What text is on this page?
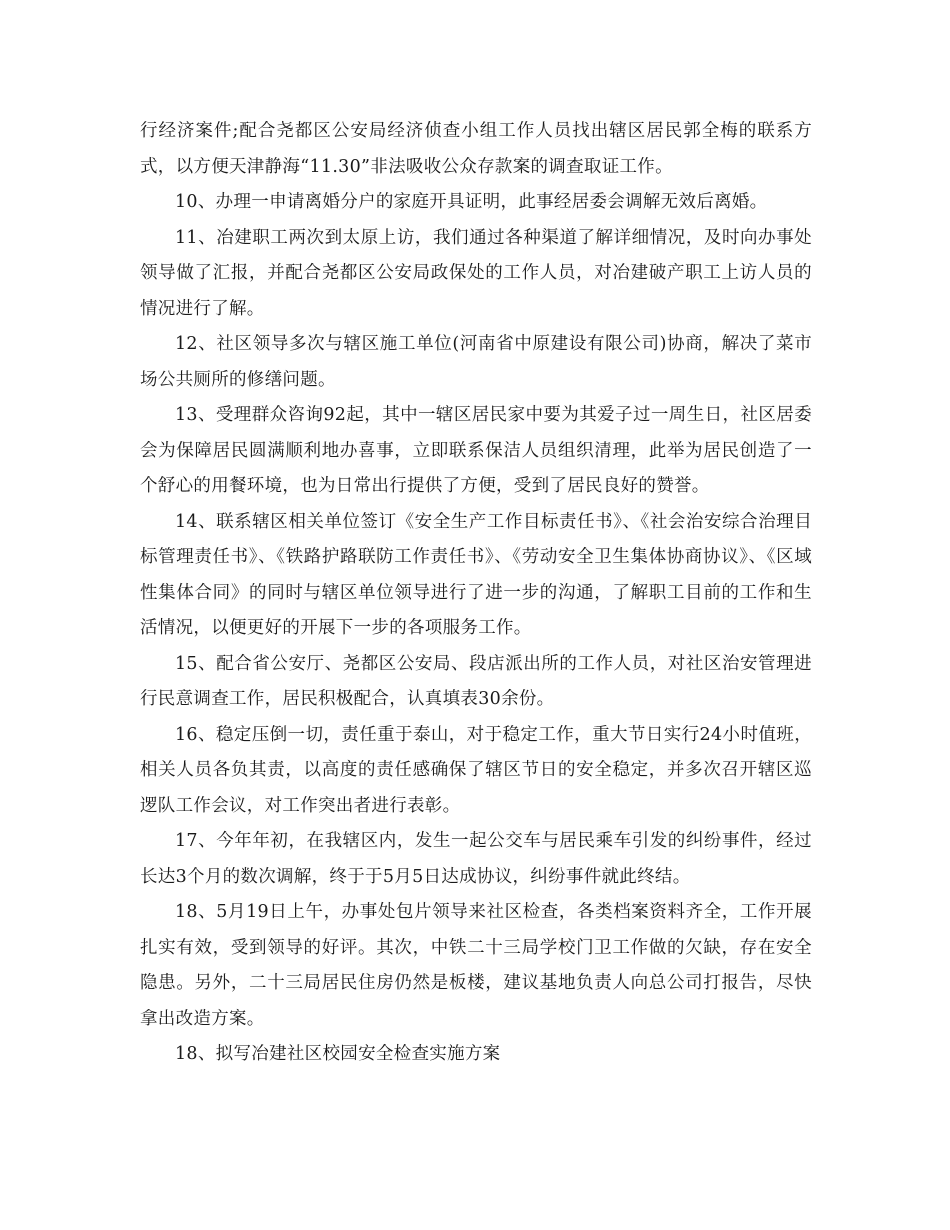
行经济案件;配合尧都区公安局经济侦查小组工作人员找出辖区居民郭全梅的联系方式，以方便天津静海“11.30”非法吸收公众存款案的调查取证工作。

10、办理一申请离婚分户的家庭开具证明，此事经居委会调解无效后离婚。

11、冶建职工两次到太原上访，我们通过各种渠道了解详细情况，及时向办事处领导做了汇报，并配合尧都区公安局政保处的工作人员，对冶建破产职工上访人员的情况进行了解。

12、社区领导多次与辖区施工单位(河南省中原建设有限公司)协商，解决了菜市场公共厕所的修缮问题。

13、受理群众咨询92起，其中一辖区居民家中要为其爱子过一周生日，社区居委会为保障居民圆满顺利地办喜事，立即联系保洁人员组织清理，此举为居民创造了一个舒心的用餐环境，也为日常出行提供了方便，受到了居民良好的赞誉。

14、联系辖区相关单位签订《安全生产工作目标责任书》、《社会治安综合治理目标管理责任书》、《铁路护路联防工作责任书》、《劳动安全卫生集体协商协议》、《区域性集体合同》的同时与辖区单位领导进行了进一步的沟通，了解职工目前的工作和生活情况，以便更好的开展下一步的各项服务工作。

15、配合省公安厅、尧都区公安局、段店派出所的工作人员，对社区治安管理进行民意调查工作，居民积极配合，认真填表30余份。

16、稳定压倒一切，责任重于泰山，对于稳定工作，重大节日实行24小时值班，相关人员各负其责，以高度的责任感确保了辖区节日的安全稳定，并多次召开辖区巡逻队工作会议，对工作突出者进行表彰。

17、今年年初，在我辖区内，发生一起公交车与居民乘车引发的纠纷事件，经过长达3个月的数次调解，终于于5月5日达成协议，纠纷事件就此终结。

18、5月19日上午，办事处包片领导来社区检查，各类档案资料齐全，工作开展扎实有效，受到领导的好评。其次，中铁二十三局学校门卫工作做的欠缺，存在安全隐患。另外，二十三局居民住房仍然是板楼，建议基地负责人向总公司打报告，尽快拿出改造方案。

18、拟写冶建社区校园安全检查实施方案
